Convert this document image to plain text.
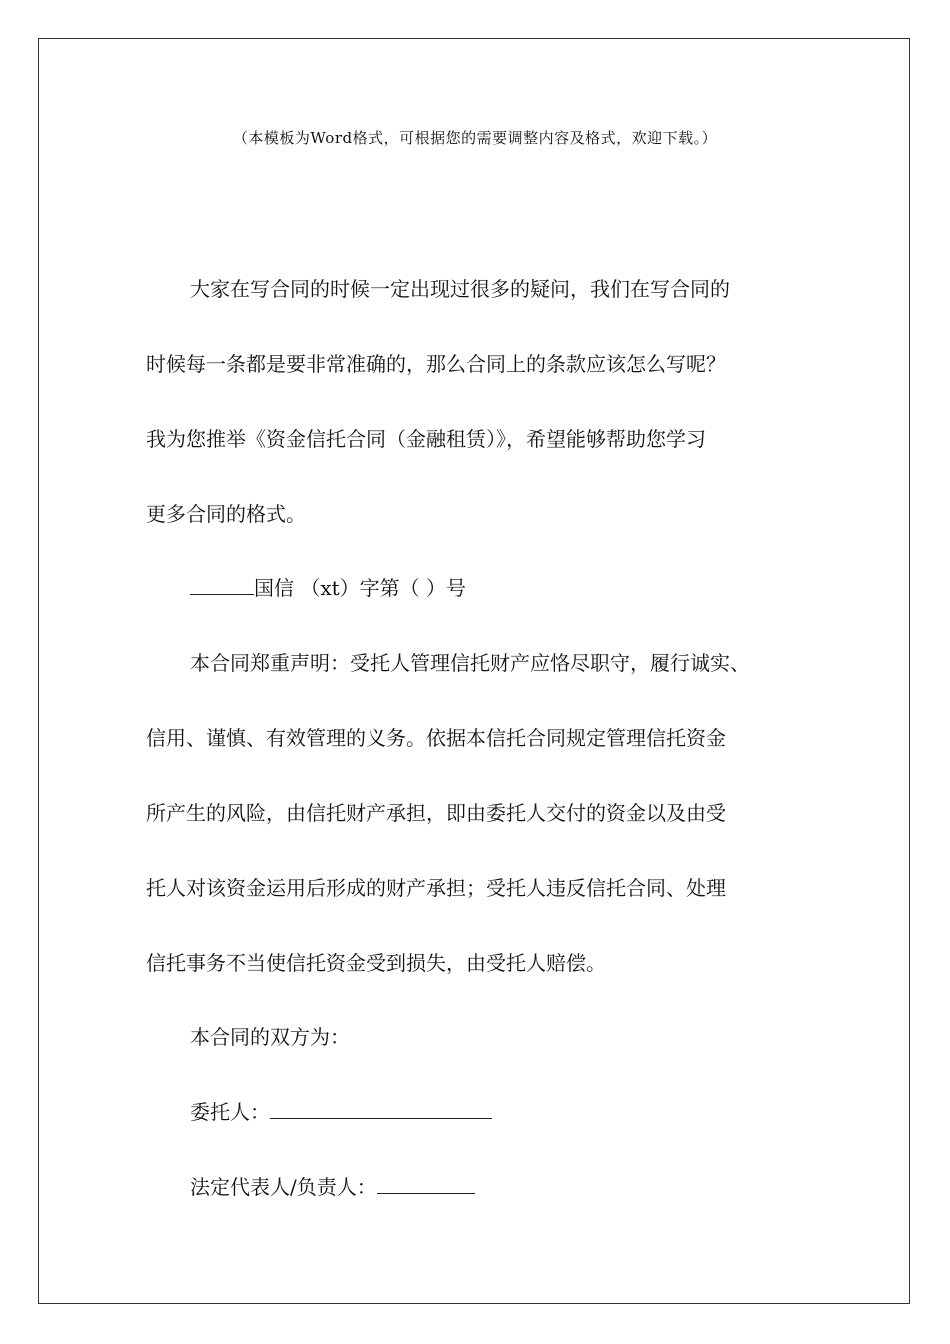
（本模板为Word格式，可根据您的需要调整内容及格式，欢迎下载。）
大家在写合同的时候一定出现过很多的疑问，我们在写合同的
时候每一条都是要非常准确的，那么合同上的条款应该怎么写呢？
我为您推举《资金信托合同（金融租赁）》，希望能够帮助您学习
更多合同的格式。
国信 （xt）字第（ ）号
本合同郑重声明：受托人管理信托财产应恪尽职守，履行诚实、
信用、谨慎、有效管理的义务。依据本信托合同规定管理信托资金
所产生的风险，由信托财产承担，即由委托人交付的资金以及由受
托人对该资金运用后形成的财产承担；受托人违反信托合同、处理
信托事务不当使信托资金受到损失，由受托人赔偿。
本合同的双方为：
委托人：
法定代表人/负责人：
